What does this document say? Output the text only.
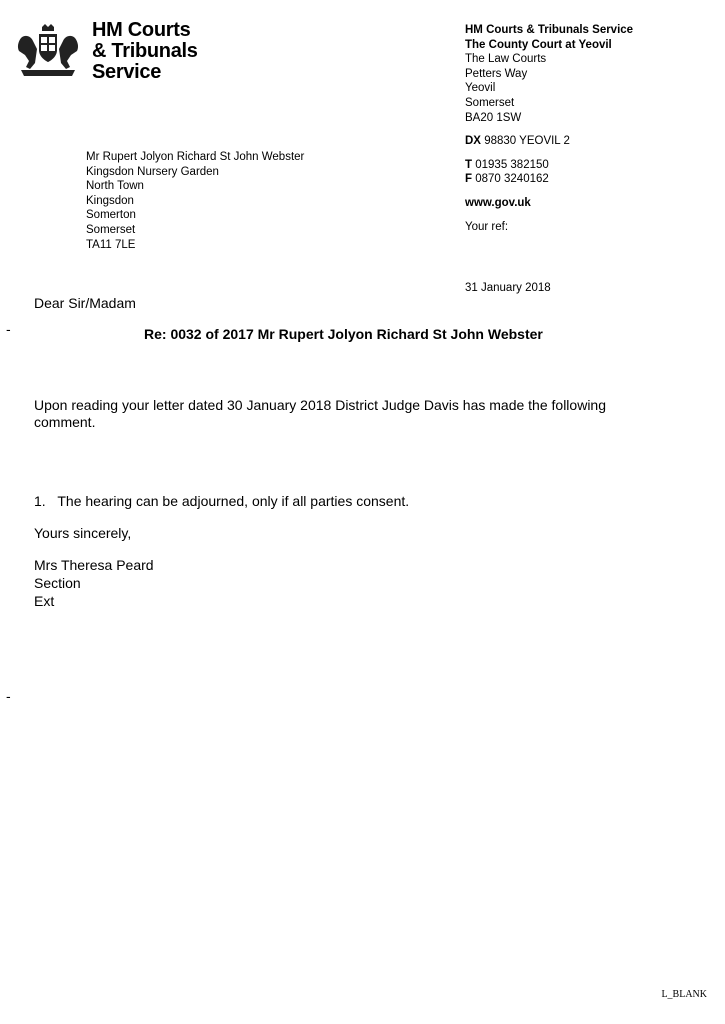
HM Courts
& Tribunals
Service
HM Courts & Tribunals Service
The County Court at Yeovil
The Law Courts
Petters Way
Yeovil
Somerset
BA20 1SW
DX 98830 YEOVIL 2
T 01935 382150
F 0870 3240162
www.gov.uk
Your ref:
31 January 2018
Mr Rupert Jolyon Richard St John Webster
Kingsdon Nursery Garden
North Town
Kingsdon
Somerton
Somerset
TA11 7LE
Dear Sir/Madam
-	Re: 0032 of 2017 Mr Rupert Jolyon Richard St John Webster
Upon reading your letter dated 30 January 2018 District Judge Davis has made the following
comment.
1. The hearing can be adjourned, only if all parties consent.
Yours sincerely,
Mrs Theresa Peard
Section
Ext
-
L_BLANK
